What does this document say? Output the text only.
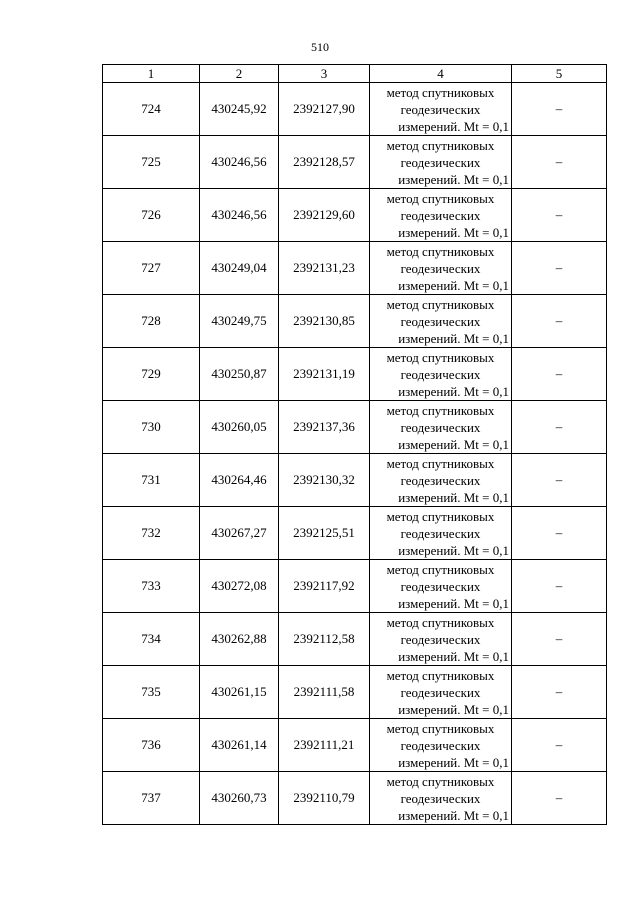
510
1	2	3	4	5
724	430245,92	2392127,90	метод спутниковых
геодезических
измерений. Mt = 0,1	–
725	430246,56	2392128,57	метод спутниковых
геодезических
измерений. Mt = 0,1	–
726	430246,56	2392129,60	метод спутниковых
геодезических
измерений. Mt = 0,1	–
727	430249,04	2392131,23	метод спутниковых
геодезических
измерений. Mt = 0,1	–
728	430249,75	2392130,85	метод спутниковых
геодезических
измерений. Mt = 0,1	–
729	430250,87	2392131,19	метод спутниковых
геодезических
измерений. Mt = 0,1	–
730	430260,05	2392137,36	метод спутниковых
геодезических
измерений. Mt = 0,1	–
731	430264,46	2392130,32	метод спутниковых
геодезических
измерений. Mt = 0,1	–
732	430267,27	2392125,51	метод спутниковых
геодезических
измерений. Mt = 0,1	–
733	430272,08	2392117,92	метод спутниковых
геодезических
измерений. Mt = 0,1	–
734	430262,88	2392112,58	метод спутниковых
геодезических
измерений. Mt = 0,1	–
735	430261,15	2392111,58	метод спутниковых
геодезических
измерений. Mt = 0,1	–
736	430261,14	2392111,21	метод спутниковых
геодезических
измерений. Mt = 0,1	–
737	430260,73	2392110,79	метод спутниковых
геодезических
измерений. Mt = 0,1	–
